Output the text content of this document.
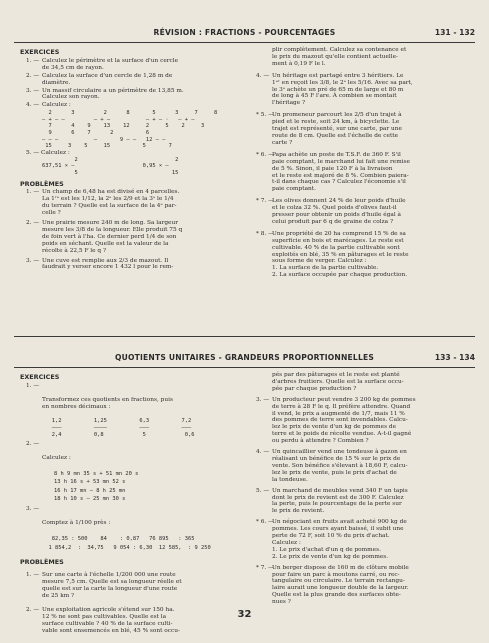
RÉVISION : FRACTIONS - POURCENTAGES	131 - 132
EXERCICES
1. — Calculez le périmètre et la surface d'un cercle
de 34,5 cm de rayon.
2. — Calculez la surface d'un cercle de 1,28 m de
diamètre.
3. — Un massif circulaire a un périmètre de 13,85 m.
Calculez son rayon.
4. — Calculez :
2      3         2      8       5      3     7     8
— + — —         — + —           — + — ·   — + —
7      4    9    13    12     2     5    2     3
9      6    7      2          6
— — —           —       9 — —   12 — —
15     3    5     15          5       7
5. — Calculez :
2                              2
637,51 × —                     0,95 × —
5                             15
PROBLÈMES
1. — Un champ de 6,48 ha est divisé en 4 parcelles.
La 1ʳᵉ est les 1/12, la 2ᵉ les 2/9 et la 3ᵉ le 1/4
du terrain ? Quelle est la surface de la 4ᵉ par-
celle ?
2. — Une prairie mesure 240 m de long. Sa largeur
mesure les 3/8 de la longueur. Elle produit 75 q
de foin vert à l'ha. Ce dernier perd 1/4 de son
poids en séchant. Quelle est la valeur de la
récolte à 22,5 F le q ?
3. — Une cuve est remplie aux 2/3 de mazout. Il
faudrait y verser encore 1 432 l pour le rem-
plir complètement. Calculez sa contenance et
le prix du mazout qu'elle contient actuelle-
ment à 0,19 F le l.
4. — Un héritage est partagé entre 3 héritiers. Le
1ᵉʳ en reçoit les 3/8, le 2ᵉ les 5/16. Avec sa part,
le 3ᵉ achète un pré de 65 m de large et 80 m
de long à 45 F l'are. À combien se montait
l'héritage ?
* 5. —
Un promeneur parcourt les 2/5 d'un trajet à
pied et le reste, soit 24 km, à bicyclette. Le
trajet est représenté, sur une carte, par une
route de 8 cm. Quelle est l'échelle de cette
carte ?
* 6. —
Papa achète un poste de T.S.F. de 360 F. S'il
paie comptant, le marchand lui fait une remise
de 5 %. Sinon, il paie 120 F à la livraison
et le reste est majoré de 8 %. Combien paiera-
t-il dans chaque cas ? Calculez l'économie s'il
paie comptant.
* 7. —
Les olives donnent 24 % de leur poids d'huile
et le colza 32 %. Quel poids d'olives faut-il
presser pour obtenir un poids d'huile égal à
celui produit par 6 q de graine de colza ?
* 8. —
Une propriété de 20 ha comprend 15 % de sa
superficie en bois et marécages. Le reste est
cultivable. 40 % de la partie cultivable sont
exploités en blé, 35 % en pâturages et le reste
sous forme de verger. Calculez :
1. La surface de la partie cultivable.
2. La surface occupée par chaque production.
QUOTIENTS UNITAIRES - GRANDEURS PROPORTIONNELLES	133 - 134
EXERCICES

1. —

Transformez ces quotients en fractions, puis
en nombres décimaux :

1,2          1,25          6,3          7,2
———          ————          ———          ———
2,4          0,8            5            0,6

2. —

Calculez :

8 h 9 mn 35 s + 51 mn 20 s
13 h 16 s + 53 mn 52 s
16 h 17 mn — 8 h 25 mn
18 h 10 s — 25 mn 30 s

3. —

Comptez à 1/100 près :

82,35 : 500    84    : 0,87   76 895   : 365
1 854,2  :  34,75   9 054 : 6,30  12 585,  : 9 250
PROBLÈMES
1. — Sur une carte à l'échelle 1/200 000 une route
mesure 7,5 cm. Quelle est sa longueur réelle et
quelle est sur la carte la longueur d'une route
de 25 km ?
2. — Une exploitation agricole s'étend sur 150 ha.
12 % ne sont pas cultivables. Quelle est la
surface cultivable ? 40 % de la surface culti-
vable sont ensemencés en blé, 45 % sont occu-
pés par des pâturages et le reste est planté
d'arbres fruitiers. Quelle est la surface occu-
pée par chaque production ?
3. — Un producteur peut vendre 3 200 kg de pommes
de terre à 28 F le q. Il préfère attendre. Quand
il vend, le prix a augmenté de 1/7, mais 11 %
des pommes de terre sont invendables. Calcu-
lez le prix de vente d'un kg de pommes de
terre et le poids de récolte vendue. A-t-il gagné
ou perdu à attendre ? Combien ?
4. — Un quincaillier vend une tondeuse à gazon en
réalisant un bénéfice de 15 % sur le prix de
vente. Son bénéfice s'élevant à 18,60 F, calcu-
lez le prix de vente, puis le prix d'achat de
la tondeuse.
5. — Un marchand de meubles vend 340 F un tapis
dont le prix de revient est de 300 F. Calculez
la perte, puis le pourcentage de la perte sur
le prix de revient.
* 6. —
Un négociant en fruits avait acheté 900 kg de
pommes. Les cours ayant baissé, il subit une
perte de 72 F, soit 10 % du prix d'achat.
Calculez :
1. Le prix d'achat d'un q de pommes.
2. Le prix de vente d'un kg de pommes.
* 7. —
Un berger dispose de 160 m de clôture mobile
pour faire un parc à moutons carré, ou rec-
tangulaire ou circulaire. Le terrain rectangu-
laire aurait une longueur double de la largeur.
Quelle est la plus grande des surfaces obte-
nues ?
32
